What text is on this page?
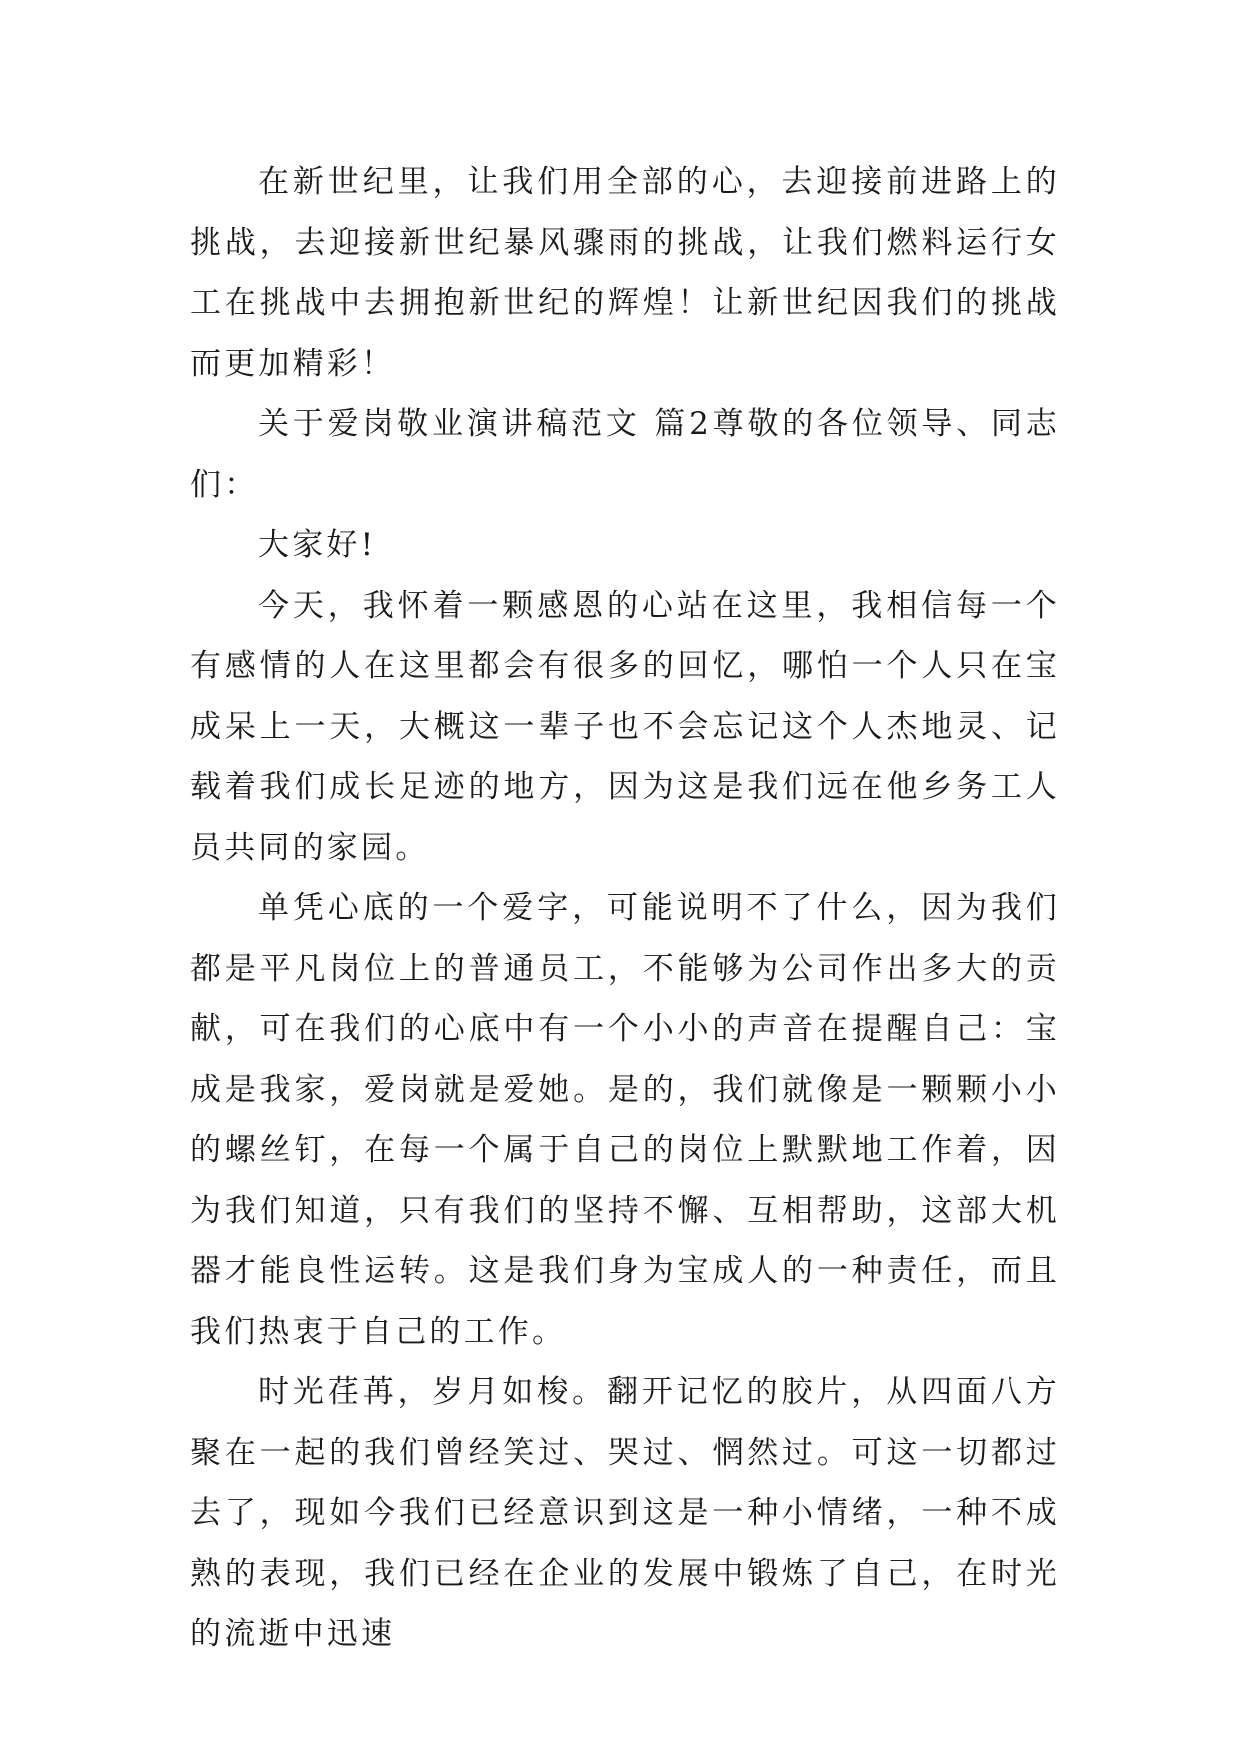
在新世纪里，让我们用全部的心，去迎接前进路上的挑战，去迎接新世纪暴风骤雨的挑战，让我们燃料运行女工在挑战中去拥抱新世纪的辉煌！让新世纪因我们的挑战而更加精彩！

关于爱岗敬业演讲稿范文 篇2尊敬的各位领导、同志们：

大家好!

今天，我怀着一颗感恩的心站在这里，我相信每一个有感情的人在这里都会有很多的回忆，哪怕一个人只在宝成呆上一天，大概这一辈子也不会忘记这个人杰地灵、记载着我们成长足迹的地方，因为这是我们远在他乡务工人员共同的家园。

单凭心底的一个爱字，可能说明不了什么，因为我们都是平凡岗位上的普通员工，不能够为公司作出多大的贡献，可在我们的心底中有一个小小的声音在提醒自己：宝成是我家，爱岗就是爱她。是的，我们就像是一颗颗小小的螺丝钉，在每一个属于自己的岗位上默默地工作着，因为我们知道，只有我们的坚持不懈、互相帮助，这部大机器才能良性运转。这是我们身为宝成人的一种责任，而且我们热衷于自己的工作。

时光荏苒，岁月如梭。翻开记忆的胶片，从四面八方聚在一起的我们曾经笑过、哭过、惘然过。可这一切都过去了，现如今我们已经意识到这是一种小情绪，一种不成熟的表现，我们已经在企业的发展中锻炼了自己，在时光的流逝中迅速
